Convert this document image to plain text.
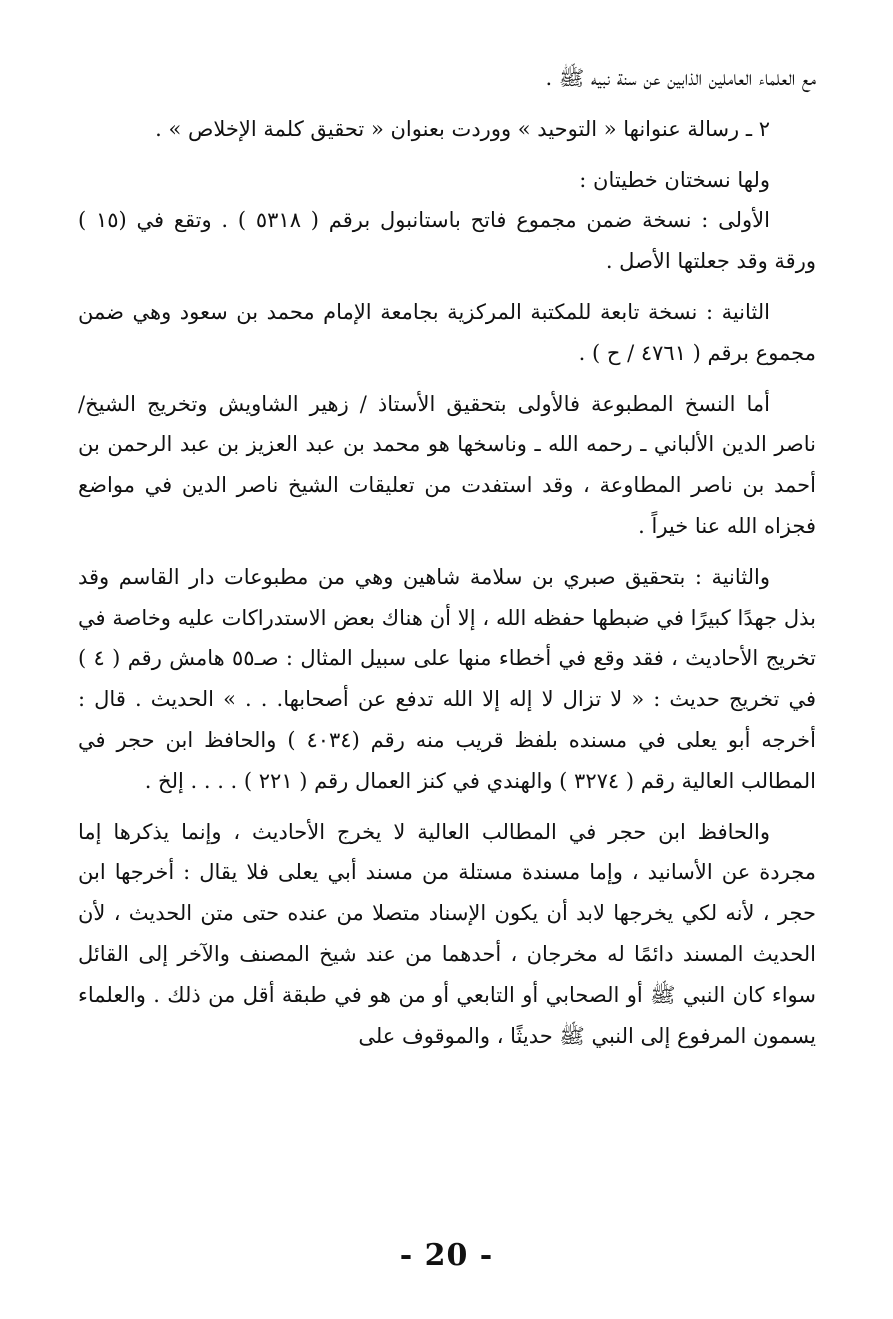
مع العلماء العاملين الذابين عن سنة نبيه ﷺ .

٢ ـ رسالة عنوانها « التوحيد » ووردت بعنوان « تحقيق كلمة الإخلاص » .

ولها نسختان خطيتان :

الأولى : نسخة ضمن مجموع فاتح باستانبول برقم ( ٥٣١٨ ) . وتقع في (١٥ ) ورقة وقد جعلتها الأصل .

الثانية : نسخة تابعة للمكتبة المركزية بجامعة الإمام محمد بن سعود وهي ضمن مجموع برقم ( ٤٧٦١ / ح ) .

أما النسخ المطبوعة فالأولى بتحقيق الأستاذ / زهير الشاويش وتخريج الشيخ/ ناصر الدين الألباني ـ رحمه الله ـ وناسخها هو محمد بن عبد العزيز بن عبد الرحمن بن أحمد بن ناصر المطاوعة ، وقد استفدت من تعليقات الشيخ ناصر الدين في مواضع فجزاه الله عنا خيراً .

والثانية : بتحقيق صبري بن سلامة شاهين وهي من مطبوعات دار القاسم وقد بذل جهدًا كبيرًا في ضبطها حفظه الله ، إلا أن هناك بعض الاستدراكات عليه وخاصة في تخريج الأحاديث ، فقد وقع في أخطاء منها على سبيل المثال : صـ٥٥ هامش رقم ( ٤ ) في تخريج حديث : « لا تزال لا إله إلا الله تدفع عن أصحابها. . . » الحديث . قال : أخرجه أبو يعلى في مسنده بلفظ قريب منه رقم (٤٠٣٤ ) والحافظ ابن حجر في المطالب العالية رقم ( ٣٢٧٤ ) والهندي في كنز العمال رقم ( ٢٢١ ) . . . . إلخ .

والحافظ ابن حجر في المطالب العالية لا يخرج الأحاديث ، وإنما يذكرها إما مجردة عن الأسانيد ، وإما مسندة مستلة من مسند أبي يعلى فلا يقال : أخرجها ابن حجر ، لأنه لكي يخرجها لابد أن يكون الإسناد متصلا من عنده حتى متن الحديث ، لأن الحديث المسند دائمًا له مخرجان ، أحدهما من عند شيخ المصنف والآخر إلى القائل سواء كان النبي ﷺ أو الصحابي أو التابعي أو من هو في طبقة أقل من ذلك . والعلماء يسمون المرفوع إلى النبي ﷺ حديثًا ، والموقوف على

- 20 -
